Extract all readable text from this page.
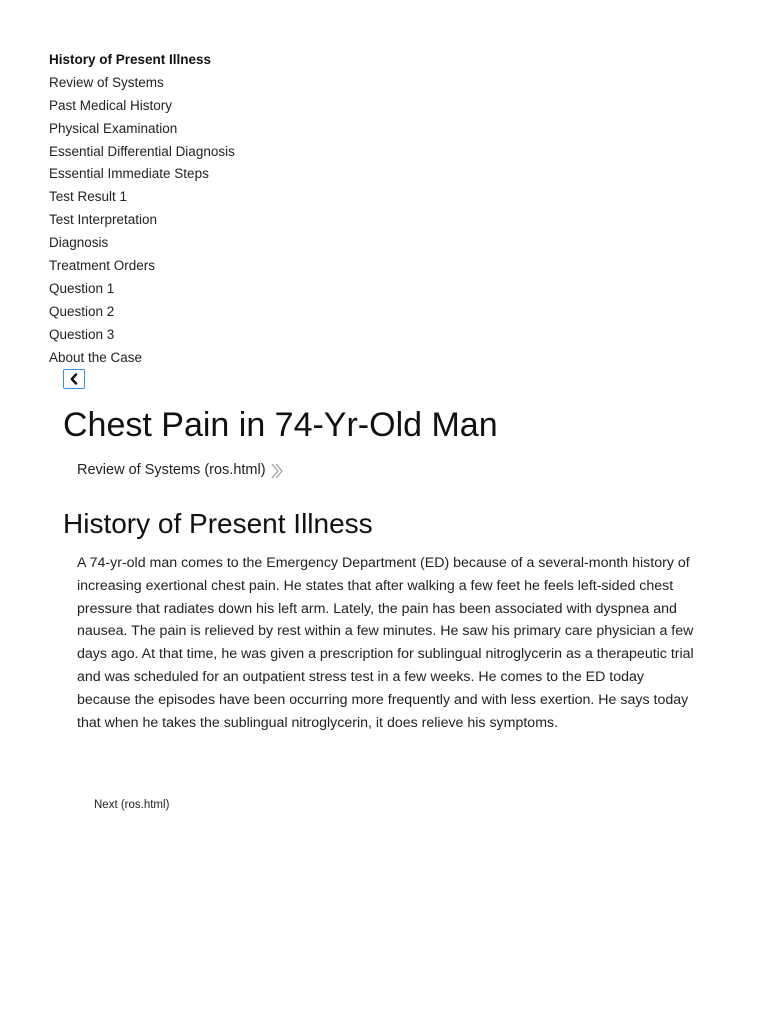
History of Present Illness
Review of Systems
Past Medical History
Physical Examination
Essential Differential Diagnosis
Essential Immediate Steps
Test Result 1
Test Interpretation
Diagnosis
Treatment Orders
Question 1
Question 2
Question 3
About the Case
Chest Pain in 74-Yr-Old Man
Review of Systems (ros.html)
History of Present Illness

A 74-yr-old man comes to the Emergency Department (ED) because of a several-month history of increasing exertional chest pain. He states that after walking a few feet he feels left-sided chest pressure that radiates down his left arm. Lately, the pain has been associated with dyspnea and nausea. The pain is relieved by rest within a few minutes. He saw his primary care physician a few days ago. At that time, he was given a prescription for sublingual nitroglycerin as a therapeutic trial and was scheduled for an outpatient stress test in a few weeks. He comes to the ED today because the episodes have been occurring more frequently and with less exertion. He says today that when he takes the sublingual nitroglycerin, it does relieve his symptoms.

Next (ros.html)
